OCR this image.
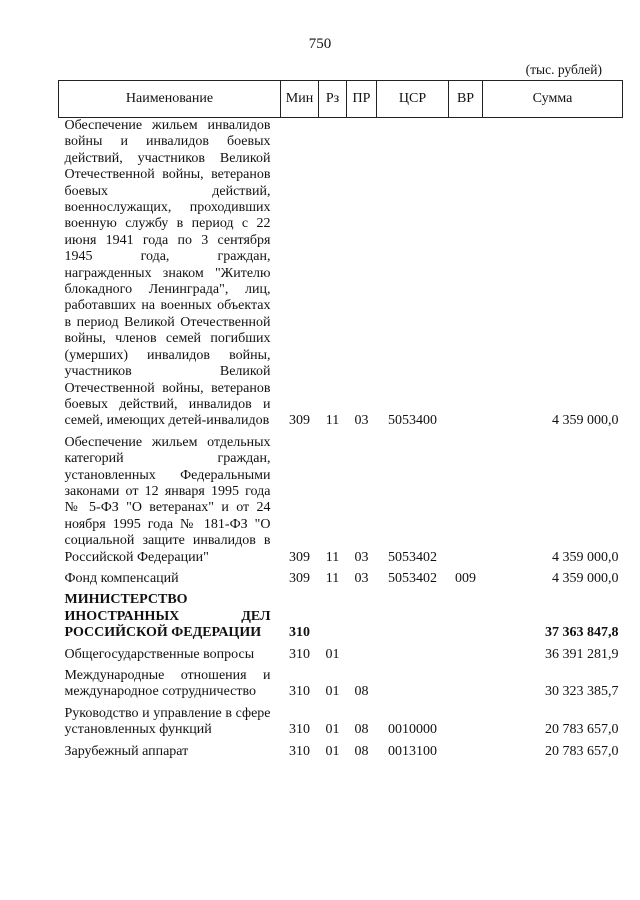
750
(тыс. рублей)
Наименование	Мин	Рз	ПР	ЦСР	ВР	Сумма
Обеспечение жильем инвалидов войны и инвалидов боевых действий, участников Великой Отечественной войны, ветеранов боевых действий, военнослужащих, проходивших военную службу в период с 22 июня 1941 года по 3 сентября 1945 года, граждан, награжденных знаком "Жителю блокадного Ленинграда", лиц, работавших на военных объектах в период Великой Отечественной войны, членов семей погибших (умерших) инвалидов войны, участников Великой Отечественной войны, ветеранов боевых действий, инвалидов и семей, имеющих детей-инвалидов	309	11	03	5053400		4 359 000,0
Обеспечение жильем отдельных категорий граждан, установленных Федеральными законами от 12 января 1995 года № 5-ФЗ "О ветеранах" и от 24 ноября 1995 года № 181-ФЗ "О социальной защите инвалидов в Российской Федерации"	309	11	03	5053402		4 359 000,0
Фонд компенсаций	309	11	03	5053402	009	4 359 000,0
МИНИСТЕРСТВО ИНОСТРАННЫХ ДЕЛ РОССИЙСКОЙ ФЕДЕРАЦИИ	310					37 363 847,8
Общегосударственные вопросы	310	01				36 391 281,9
Международные отношения и международное сотрудничество	310	01	08			30 323 385,7
Руководство и управление в сфере установленных функций	310	01	08	0010000		20 783 657,0
Зарубежный аппарат	310	01	08	0013100		20 783 657,0
